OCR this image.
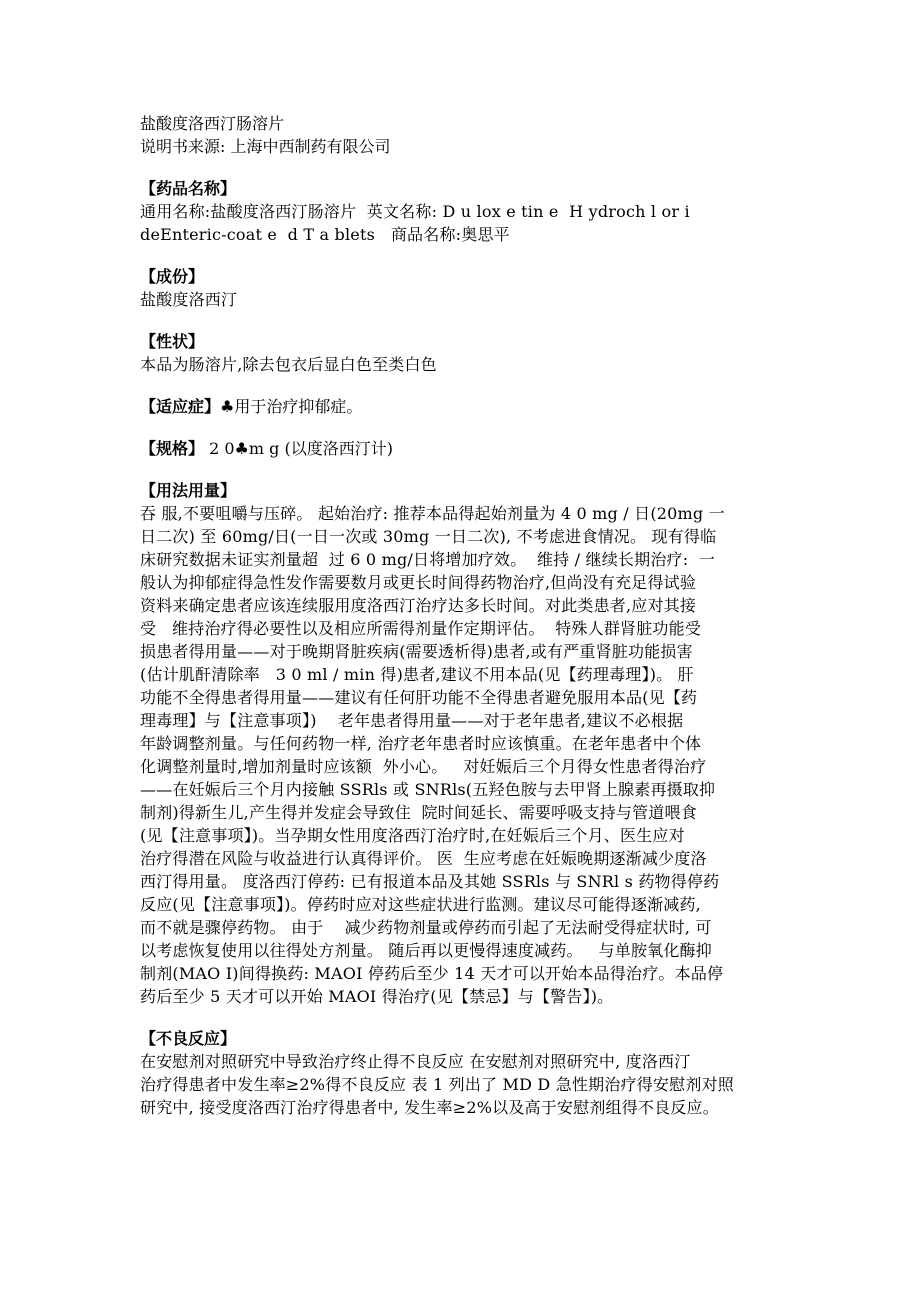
盐酸度洛西汀肠溶片
说明书来源: 上海中西制药有限公司
【药品名称】
通用名称:盐酸度洛西汀肠溶片  英文名称: D u lox e tin e  H ydroch l or i
deEnteric-coat e  d T a blets   商品名称:奥思平
【成份】
盐酸度洛西汀
【性状】
本品为肠溶片,除去包衣后显白色至类白色
【适应症】♣用于治疗抑郁症。
【规格】 2 0♣m g (以度洛西汀计)
【用法用量】
吞 服,不要咀嚼与压碎。 起始治疗: 推荐本品得起始剂量为 4 0 mg / 日(20mg 一
日二次) 至 60mg/日(一日一次或 30mg 一日二次), 不考虑进食情况。 现有得临
床研究数据未证实剂量超  过 6 0 mg/日将增加疗效。  维持 / 继续长期治疗:  一
般认为抑郁症得急性发作需要数月或更长时间得药物治疗,但尚没有充足得试验
资料来确定患者应该连续服用度洛西汀治疗达多长时间。对此类患者,应对其接
受   维持治疗得必要性以及相应所需得剂量作定期评估。  特殊人群肾脏功能受
损患者得用量——对于晚期肾脏疾病(需要透析得)患者,或有严重肾脏功能损害
(估计肌酐清除率   3 0 ml / min 得)患者,建议不用本品(见【药理毒理】)。 肝
功能不全得患者得用量——建议有任何肝功能不全得患者避免服用本品(见【药
理毒理】与【注意事项】)    老年患者得用量——对于老年患者,建议不必根据
年龄调整剂量。与任何药物一样, 治疗老年患者时应该慎重。在老年患者中个体
化调整剂量时,增加剂量时应该额  外小心。   对妊娠后三个月得女性患者得治疗
——在妊娠后三个月内接触 SSRls 或 SNRls(五羟色胺与去甲肾上腺素再摄取抑
制剂)得新生儿,产生得并发症会导致住  院时间延长、需要呼吸支持与管道喂食
(见【注意事项】)。当孕期女性用度洛西汀治疗时,在妊娠后三个月、医生应对
治疗得潜在风险与收益进行认真得评价。 医  生应考虑在妊娠晚期逐渐减少度洛
西汀得用量。 度洛西汀停药: 已有报道本品及其她 SSRls 与 SNRl s 药物得停药
反应(见【注意事项】)。停药时应对这些症状进行监测。建议尽可能得逐渐减药,
而不就是骤停药物。 由于    减少药物剂量或停药而引起了无法耐受得症状时, 可
以考虑恢复使用以往得处方剂量。 随后再以更慢得速度减药。   与单胺氧化酶抑
制剂(MAO I)间得换药: MAOI 停药后至少 14 天才可以开始本品得治疗。本品停
药后至少 5 天才可以开始 MAOI 得治疗(见【禁忌】与【警告】)。
【不良反应】
在安慰剂对照研究中导致治疗终止得不良反应 在安慰剂对照研究中, 度洛西汀
治疗得患者中发生率≥2%得不良反应 表 1 列出了 MD D 急性期治疗得安慰剂对照
研究中, 接受度洛西汀治疗得患者中, 发生率≥2%以及高于安慰剂组得不良反应。
